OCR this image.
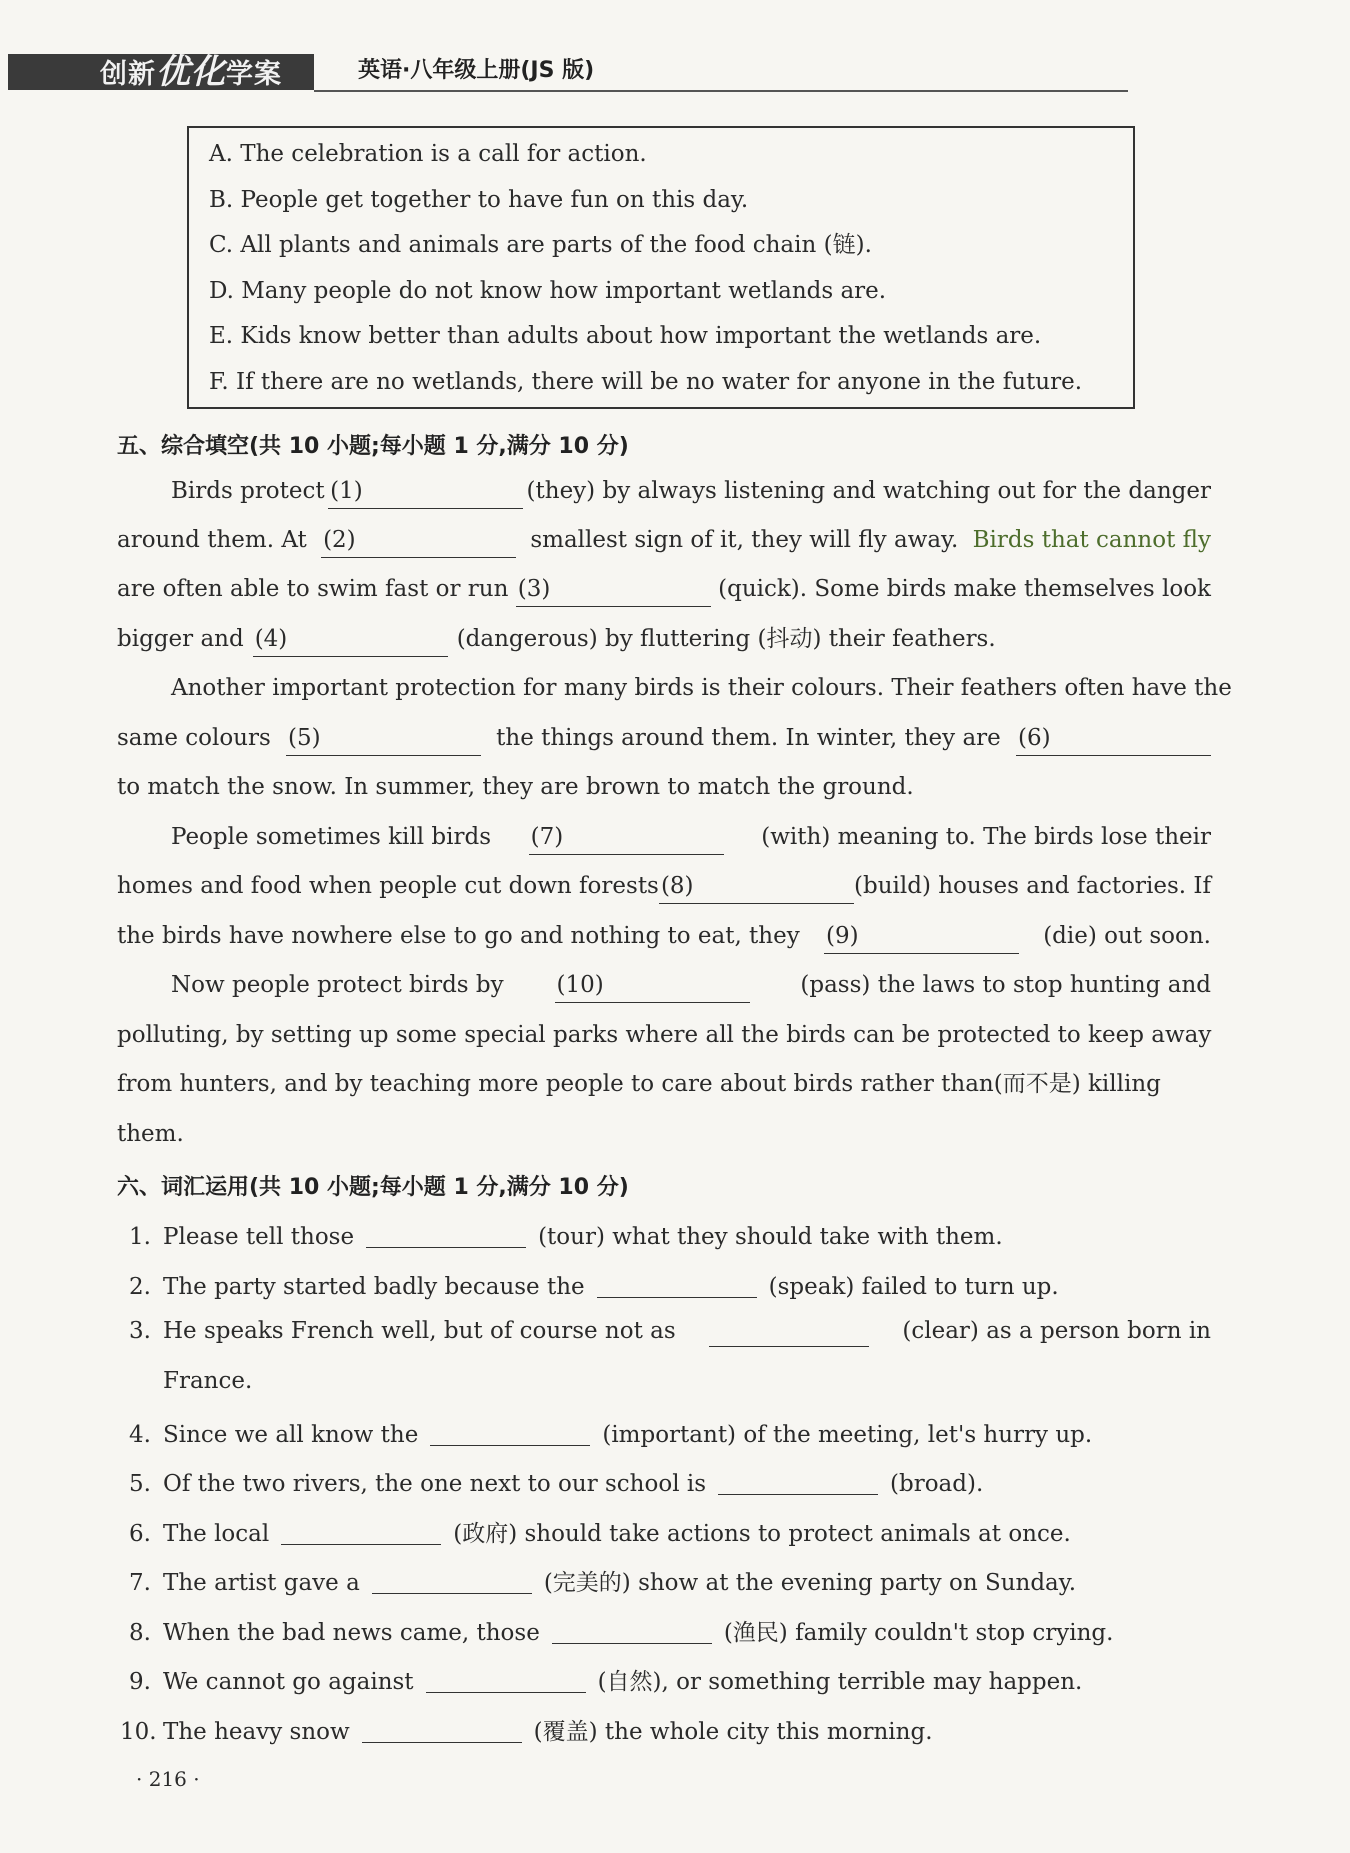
创新优化学案	英语·八年级上册(JS 版)
A. The celebration is a call for action.
B. People get together to have fun on this day.
C. All plants and animals are parts of the food chain (链).
D. Many people do not know how important wetlands are.
E. Kids know better than adults about how important the wetlands are.
F. If there are no wetlands, there will be no water for anyone in the future.
五、综合填空(共 10 小题;每小题 1 分,满分 10 分)
Birds protect (1)	(they) by always listening and watching out for the danger
around them. At (2)	smallest sign of it, they will fly away. Birds that cannot fly
are often able to swim fast or run (3)	(quick). Some birds make themselves look
bigger and (4)	(dangerous) by fluttering (抖动) their feathers.
Another important protection for many birds is their colours. Their feathers often have the
same colours (5)	the things around them. In winter, they are (6)
to match the snow. In summer, they are brown to match the ground.
People sometimes kill birds (7)	(with) meaning to. The birds lose their
homes and food when people cut down forests (8)	(build) houses and factories. If
the birds have nowhere else to go and nothing to eat, they (9)	(die) out soon.
Now people protect birds by (10)	(pass) the laws to stop hunting and
polluting, by setting up some special parks where all the birds can be protected to keep away
from hunters, and by teaching more people to care about birds rather than(而不是) killing
them.
六、词汇运用(共 10 小题;每小题 1 分,满分 10 分)
1. Please tell those	(tour) what they should take with them.
2. The party started badly because the	(speak) failed to turn up.
3. He speaks French well, but of course not as	(clear) as a person born in
France.
4. Since we all know the	(important) of the meeting, let's hurry up.
5. Of the two rivers, the one next to our school is	(broad).
6. The local	(政府) should take actions to protect animals at once.
7. The artist gave a	(完美的) show at the evening party on Sunday.
8. When the bad news came, those	(渔民) family couldn't stop crying.
9. We cannot go against	(自然), or something terrible may happen.
10. The heavy snow	(覆盖) the whole city this morning.
· 216 ·
